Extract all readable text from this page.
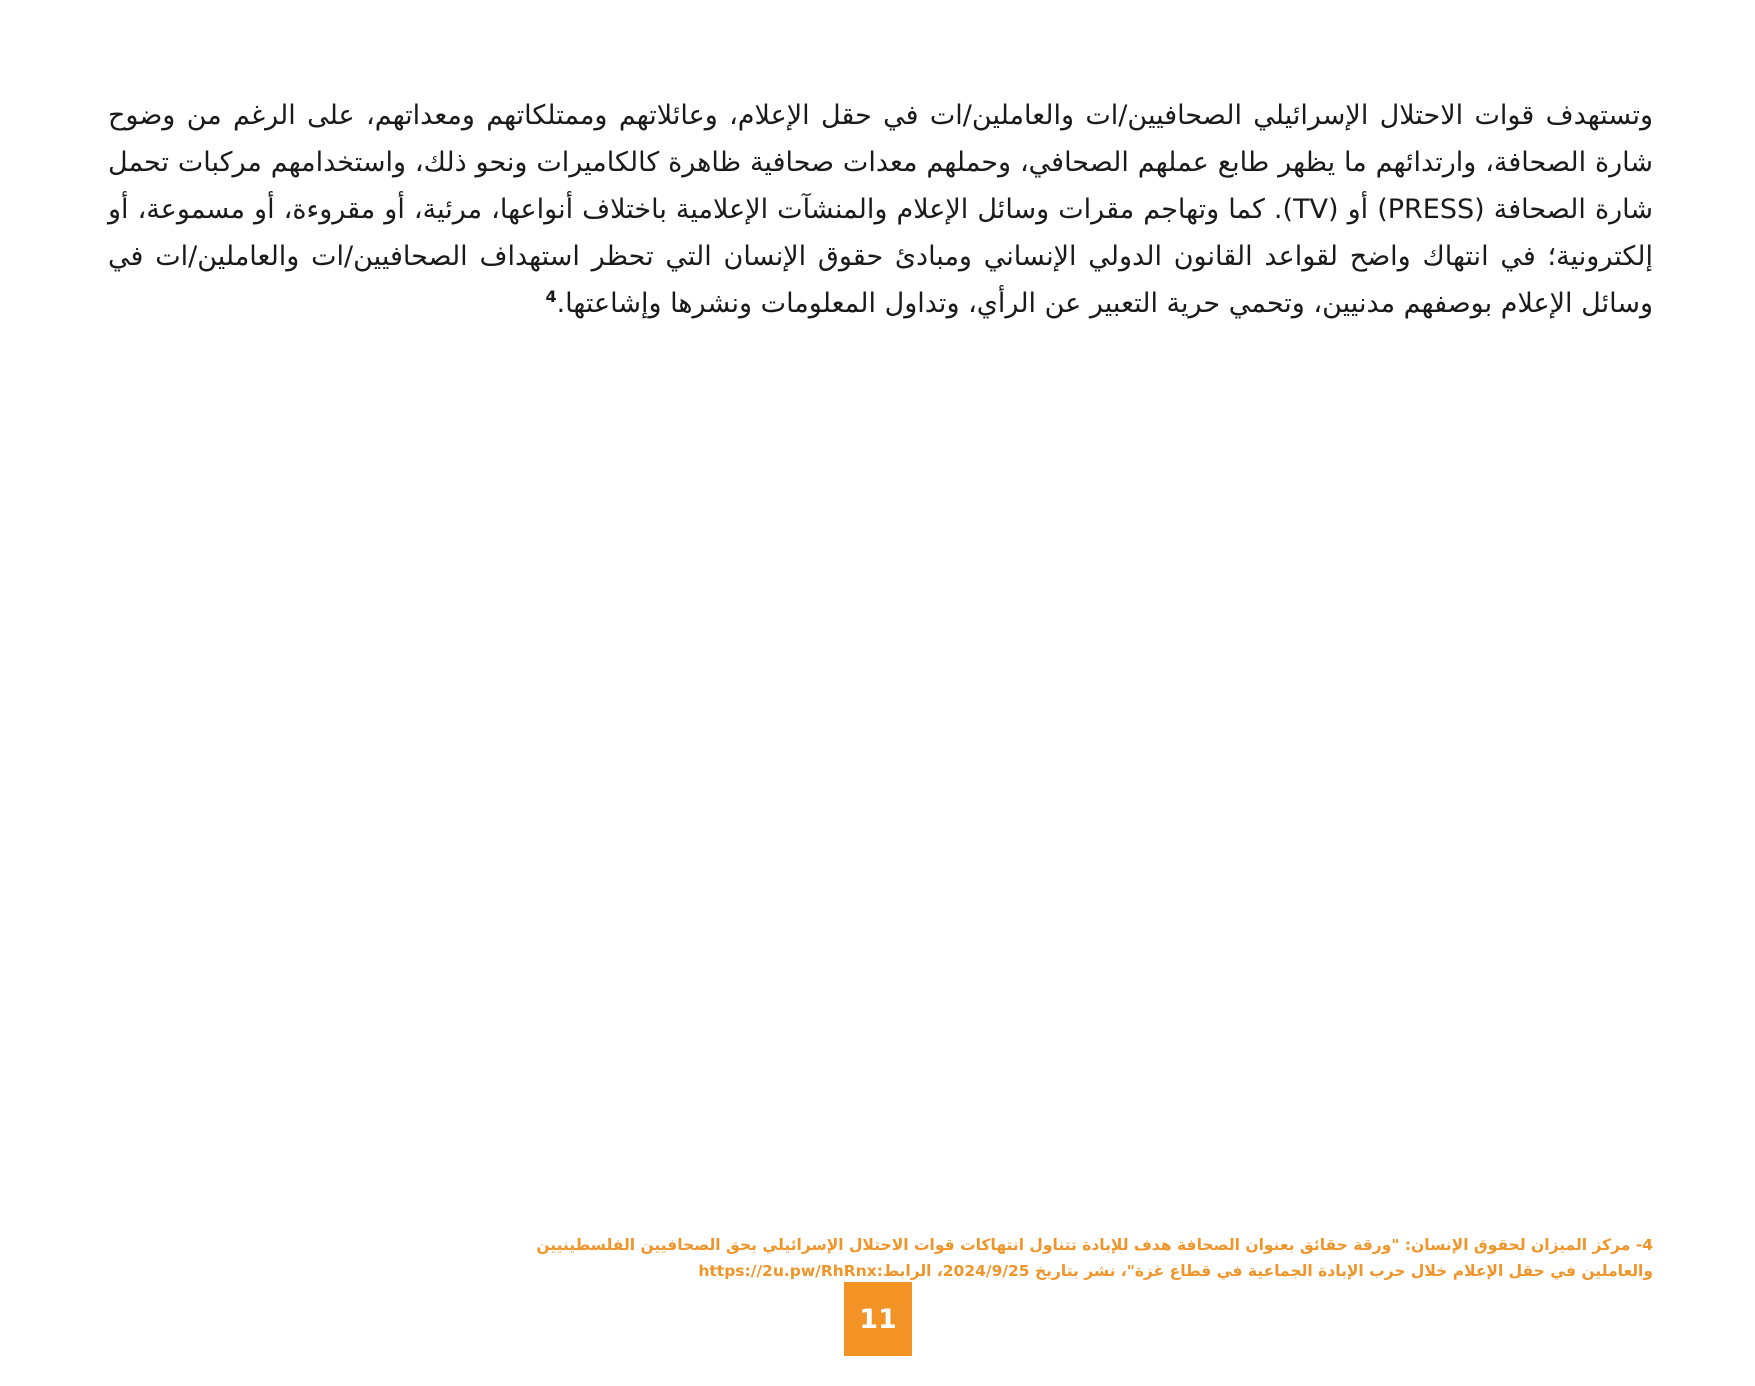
وتستهدف قوات الاحتلال الإسرائيلي الصحافيين/ات والعاملين/ات في حقل الإعلام، وعائلاتهم وممتلكاتهم ومعداتهم، على الرغم من وضوح شارة الصحافة، وارتدائهم ما يظهر طابع عملهم الصحافي، وحملهم معدات صحافية ظاهرة كالكاميرات ونحو ذلك، واستخدامهم مركبات تحمل شارة الصحافة (PRESS) أو (TV). كما وتهاجم مقرات وسائل الإعلام والمنشآت الإعلامية باختلاف أنواعها، مرئية، أو مقروءة، أو مسموعة، أو إلكترونية؛ في انتهاك واضح لقواعد القانون الدولي الإنساني ومبادئ حقوق الإنسان التي تحظر استهداف الصحافيين/ات والعاملين/ات في وسائل الإعلام بوصفهم مدنيين، وتحمي حرية التعبير عن الرأي، وتداول المعلومات ونشرها وإشاعتها.$^4$
4- مركز الميزان لحقوق الإنسان: "ورقة حقائق بعنوان الصحافة هدف للإبادة تتناول انتهاكات قوات الاحتلال الإسرائيلي بحق الصحافيين الفلسطينيين
والعاملين في حقل الإعلام خلال حرب الإبادة الجماعية في قطاع غزة"، نشر بتاريخ 2024/9/25، الرابط:https://2u.pw/RhRnx
11
